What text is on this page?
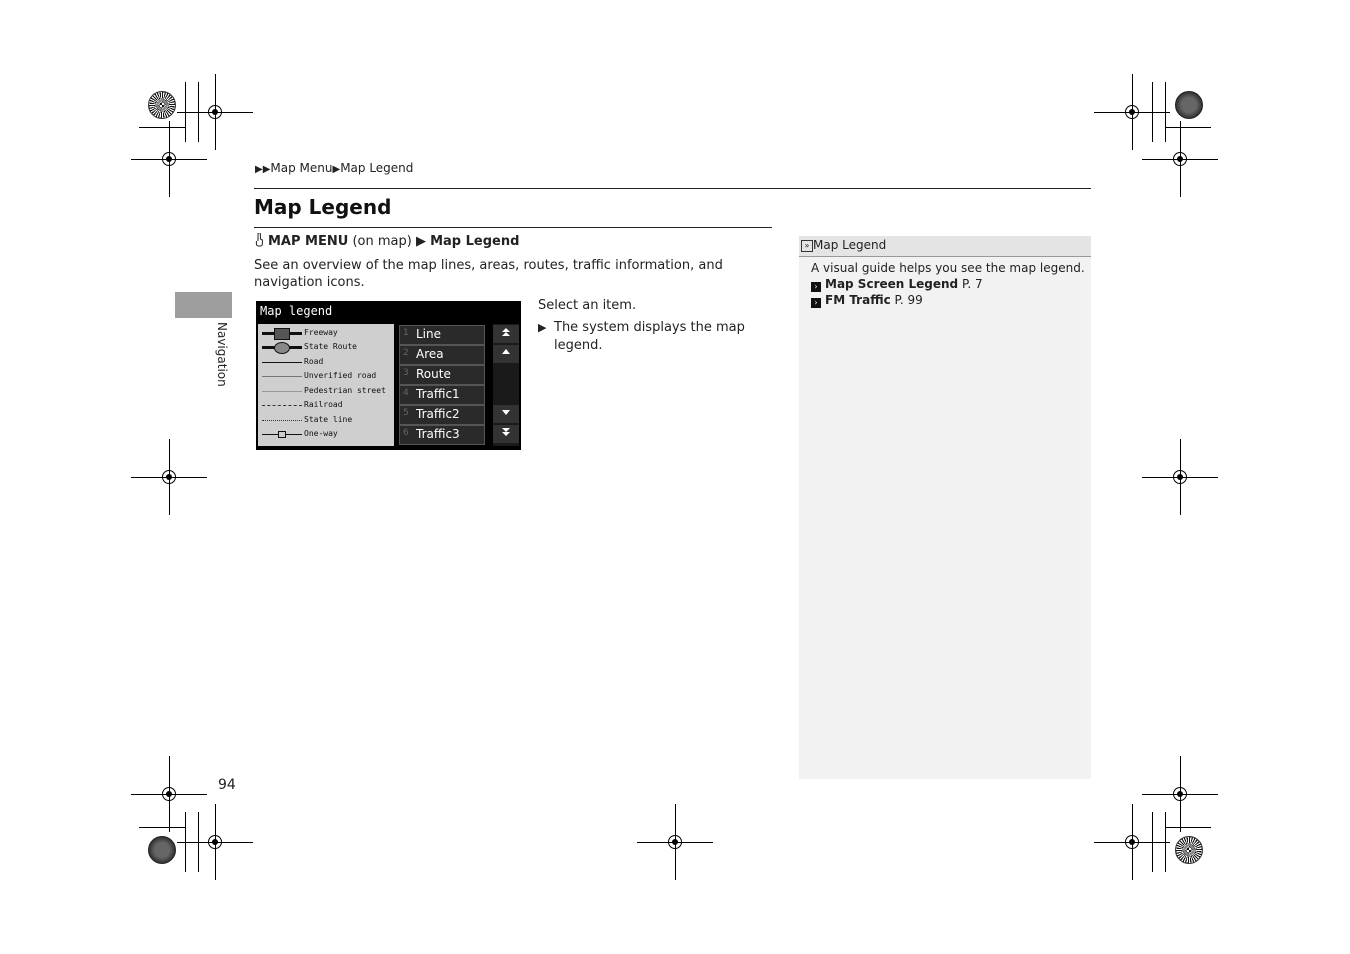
▶▶Map Menu▶Map Legend
Map Legend
MAP MENU (on map) ▶ Map Legend
See an overview of the map lines, areas, routes, traffic information, and navigation icons.
Navigation
94
Map legend
Freeway
State Route
Road
Unverified road
Pedestrian street
Railroad
State line
One-way
1 Line
2 Area
3 Route
4 Traffic1
5 Traffic2
6 Traffic3
Select an item.
▶ The system displays the map legend.
» Map Legend
A visual guide helps you see the map legend.
› Map Screen Legend P. 7
› FM Traffic P. 99
